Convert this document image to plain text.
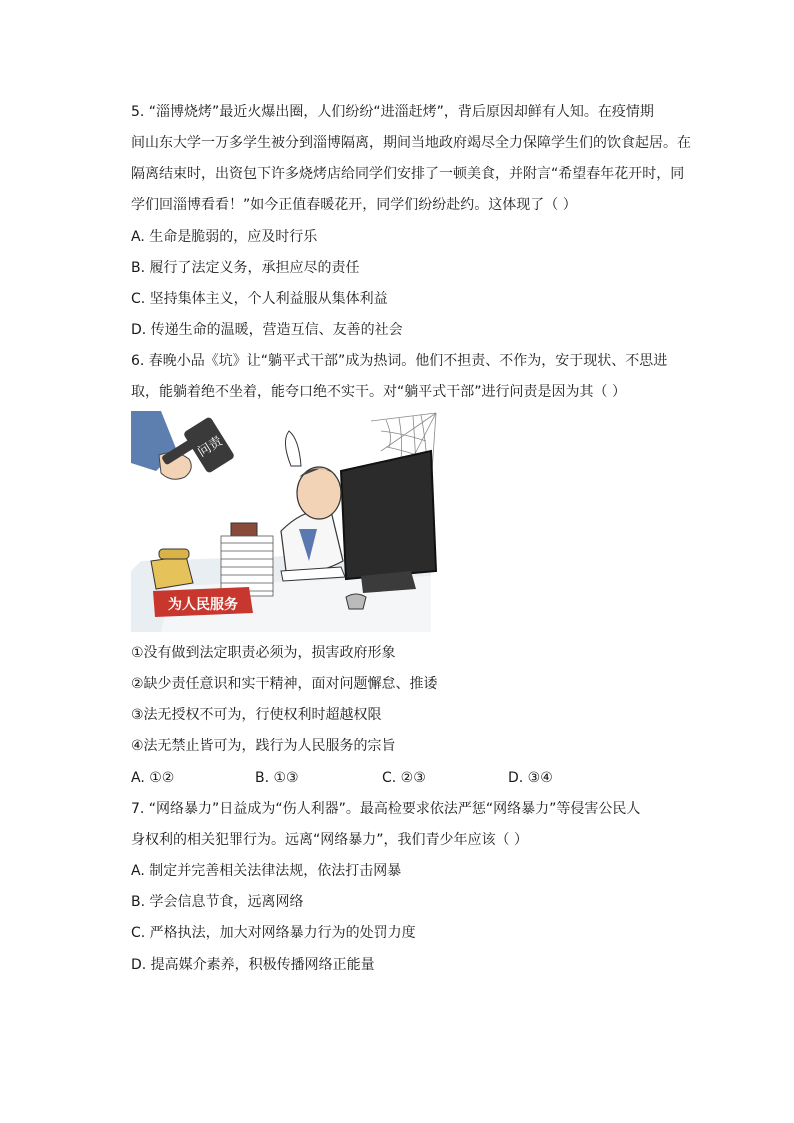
5. “淄博烧烤”最近火爆出圈，人们纷纷“进淄赶烤”，背后原因却鲜有人知。在疫情期
间山东大学一万多学生被分到淄博隔离，期间当地政府竭尽全力保障学生们的饮食起居。在
隔离结束时，出资包下许多烧烤店给同学们安排了一顿美食，并附言“希望春年花开时，同
学们回淄博看看！”如今正值春暖花开，同学们纷纷赴约。这体现了（ ）
A. 生命是脆弱的，应及时行乐
B. 履行了法定义务，承担应尽的责任
C. 坚持集体主义，个人利益服从集体利益
D. 传递生命的温暖，营造互信、友善的社会
6. 春晚小品《坑》让“躺平式干部”成为热词。他们不担责、不作为，安于现状、不思进
取，能躺着绝不坐着，能夸口绝不实干。对“躺平式干部”进行问责是因为其（ ）
问责
为人民服务
①没有做到法定职责必须为，损害政府形象
②缺少责任意识和实干精神，面对问题懈怠、推诿
③法无授权不可为，行使权利时超越权限
④法无禁止皆可为，践行为人民服务的宗旨
A. ①②	B. ①③	C. ②③	D. ③④
7. “网络暴力”日益成为“伤人利器”。最高检要求依法严惩“网络暴力”等侵害公民人
身权利的相关犯罪行为。远离“网络暴力”，我们青少年应该（ ）
A. 制定并完善相关法律法规，依法打击网暴
B. 学会信息节食，远离网络
C. 严格执法，加大对网络暴力行为的处罚力度
D. 提高媒介素养，积极传播网络正能量
